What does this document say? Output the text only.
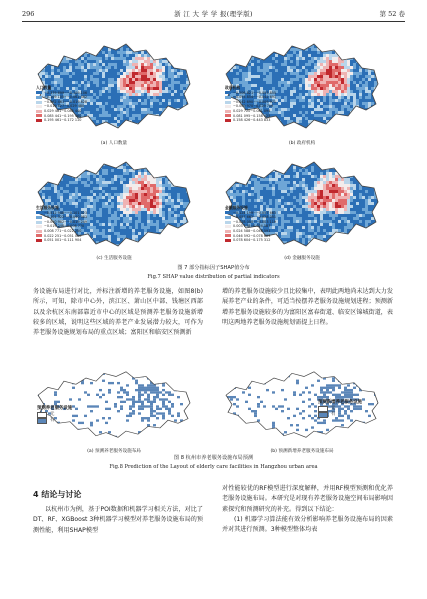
296	浙 江 大 学 学 报(理学版)	第 52 卷
人口数量
−0.379 699~−0.109 106
−0.109 105~−0.062 462
−0.062 461~−0.019 628
−0.019 627~0.029 480
0.029 481~0.085 440
0.085 441~0.195 460
0.195 461~0.172 110
政府机构
−0.206 821~−0.093 855
−0.093 854~−0.042 691
−0.042 690~−0.009 971
−0.009 970~0.029 719
0.029 720~0.081 094
0.081 095~0.158 425
0.158 426~0.443 833
生活服务设施
−0.512 948~−0.101 323
−0.101 322~−0.040 983
−0.040 982~−0.019 249
−0.019 248~0.008 770
0.008 771~0.022 250
0.022 251~0.051 000
0.051 001~0.111 904
金融服务设施
−0.124 199~−0.057 663
−0.057 662~−0.028 051
−0.028 050~−0.003 119
0.003 118~0.024 587
0.024 588~0.046 591
0.046 592~0.078 603
0.078 604~0.175 312
(a) 人口数量	(b) 政府机构
(c) 生活服务设施	(d) 金融服务设施
图 7 部分指标因子SHAP值分布
Fig.7 SHAP value distribution of partial indicators

务设施布局进行对比，并标注新增的养老服务设施，如图8(b)所示，可知，除市中心外，滨江区、萧山区中部、钱塘区西部以及余杭区东南部靠近市中心的区域是预测养老服务设施新增较多的区域，说明这些区域的养老产业发展潜力较大，可作为养老服务设施规划布局的重点区域；富阳区和临安区预测新

增的养老服务设施较少且比较集中，表明此两地尚未达到大力发展养老产业的条件，可适当按摆养老服务设施规划进程；预测新增养老服务设施较多的为富阳区富春街道、临安区锦城街道，表明这两地养老服务设施规划需提上日程。

预测养老服务设施
无
有
预测新增养老服务设施
无
有
(a) 预测养老服务设施布局	(b) 预测新增养老服务设施布局
图 8 杭州市养老服务设施布局预测
Fig.8 Prediction of the Layout of elderly care facilities in Hangzhou urban area
4 结论与讨论

以杭州市为例，基于POI数据和机器学习相关方法，对比了DT、RF、XGBoost 3种机器学习模型对养老服务设施布局的预测性能，利用SHAP模型

对性能较优的RF模型进行深度解释，并用RF模型预测和优化养老服务设施布局。本研究是对现有养老服务设施空间布局影响因素探究和预测研究的补充。得到以下结论：

(1) 机器学习算法能有效分析影响养老服务设施布局的因素并对其进行预测。3种模型整体均表
